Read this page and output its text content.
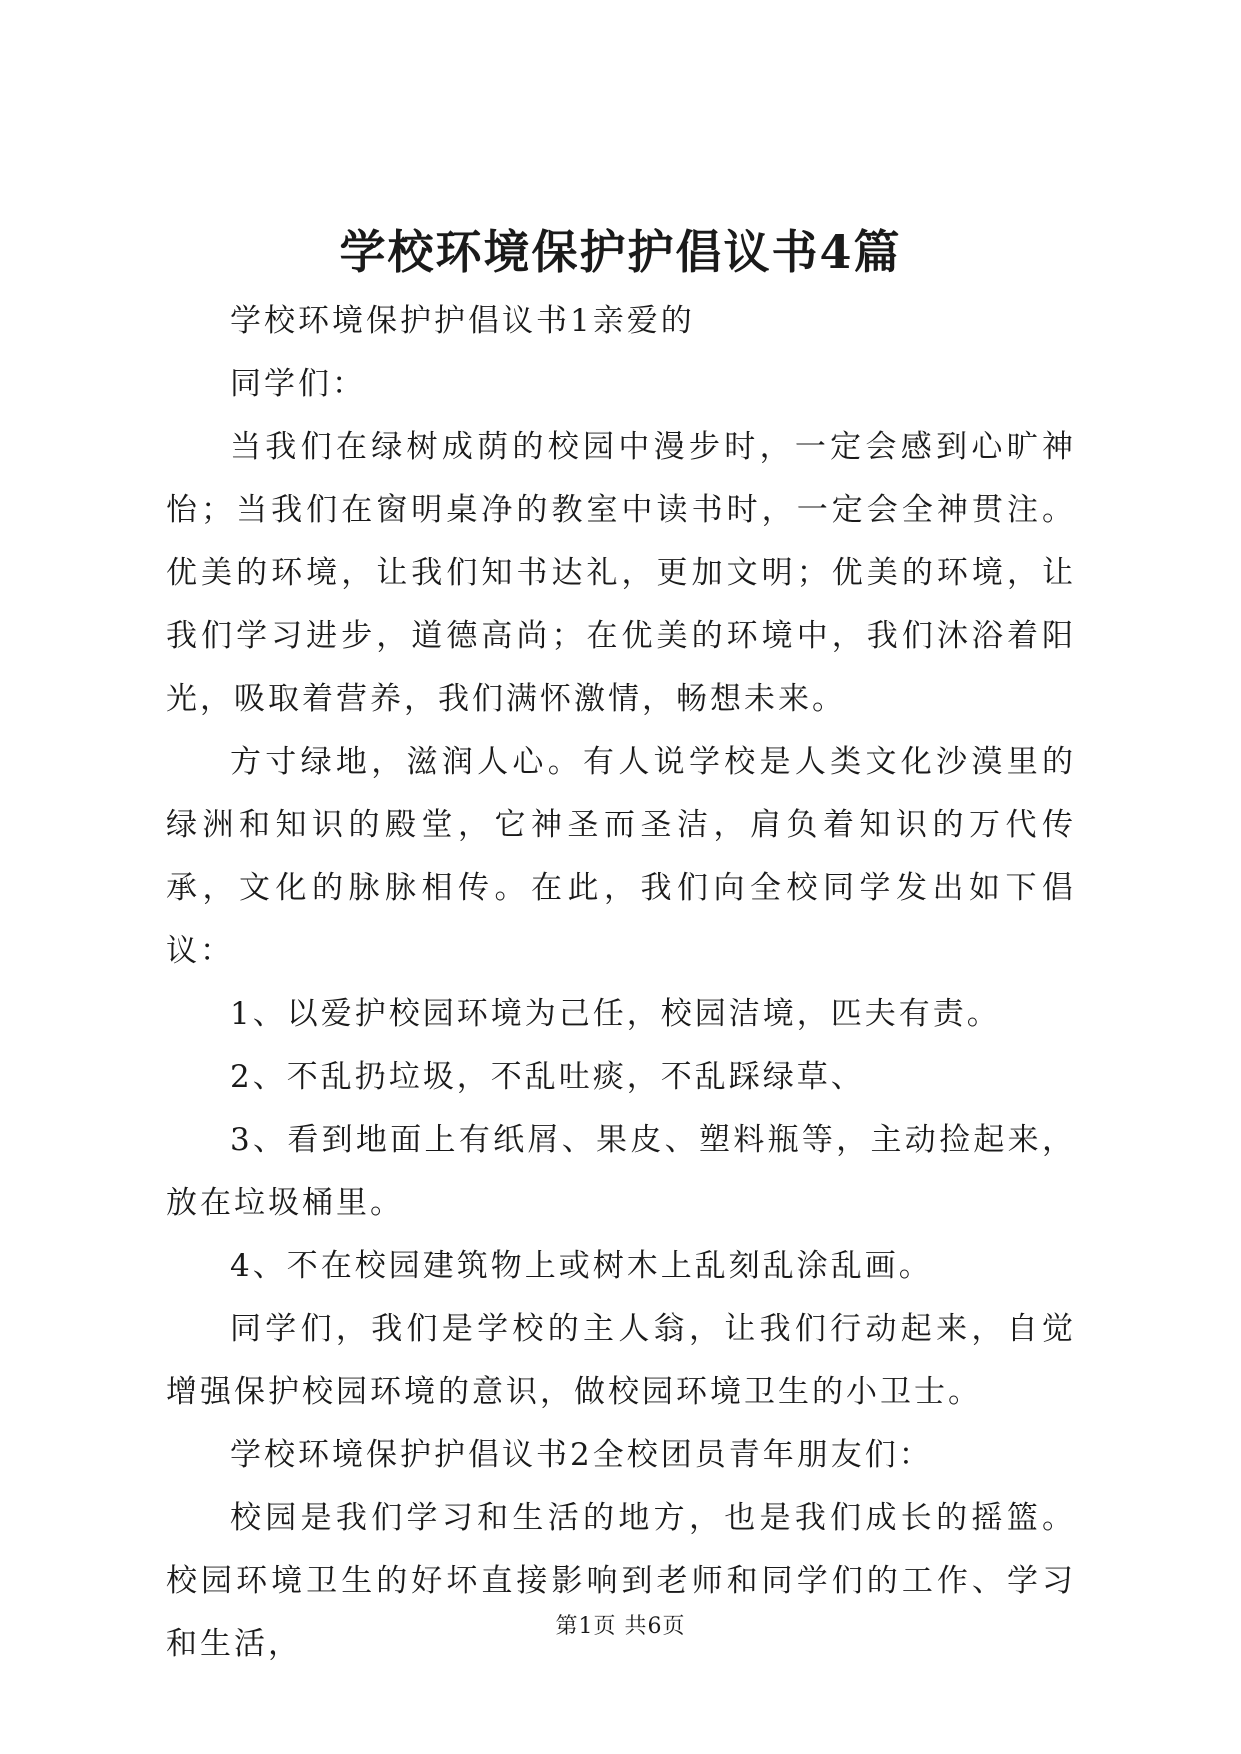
学校环境保护护倡议书4篇

学校环境保护护倡议书1亲爱的

同学们：

当我们在绿树成荫的校园中漫步时，一定会感到心旷神怡；当我们在窗明桌净的教室中读书时，一定会全神贯注。优美的环境，让我们知书达礼，更加文明；优美的环境，让我们学习进步，道德高尚；在优美的环境中，我们沐浴着阳光，吸取着营养，我们满怀激情，畅想未来。

方寸绿地，滋润人心。有人说学校是人类文化沙漠里的绿洲和知识的殿堂，它神圣而圣洁，肩负着知识的万代传承，文化的脉脉相传。在此，我们向全校同学发出如下倡议：

1、以爱护校园环境为己任，校园洁境，匹夫有责。

2、不乱扔垃圾，不乱吐痰，不乱踩绿草、

3、看到地面上有纸屑、果皮、塑料瓶等，主动捡起来，放在垃圾桶里。

4、不在校园建筑物上或树木上乱刻乱涂乱画。

同学们，我们是学校的主人翁，让我们行动起来，自觉增强保护校园环境的意识，做校园环境卫生的小卫士。

学校环境保护护倡议书2全校团员青年朋友们：

校园是我们学习和生活的地方，也是我们成长的摇篮。校园环境卫生的好坏直接影响到老师和同学们的工作、学习和生活，	第1页 共6页
